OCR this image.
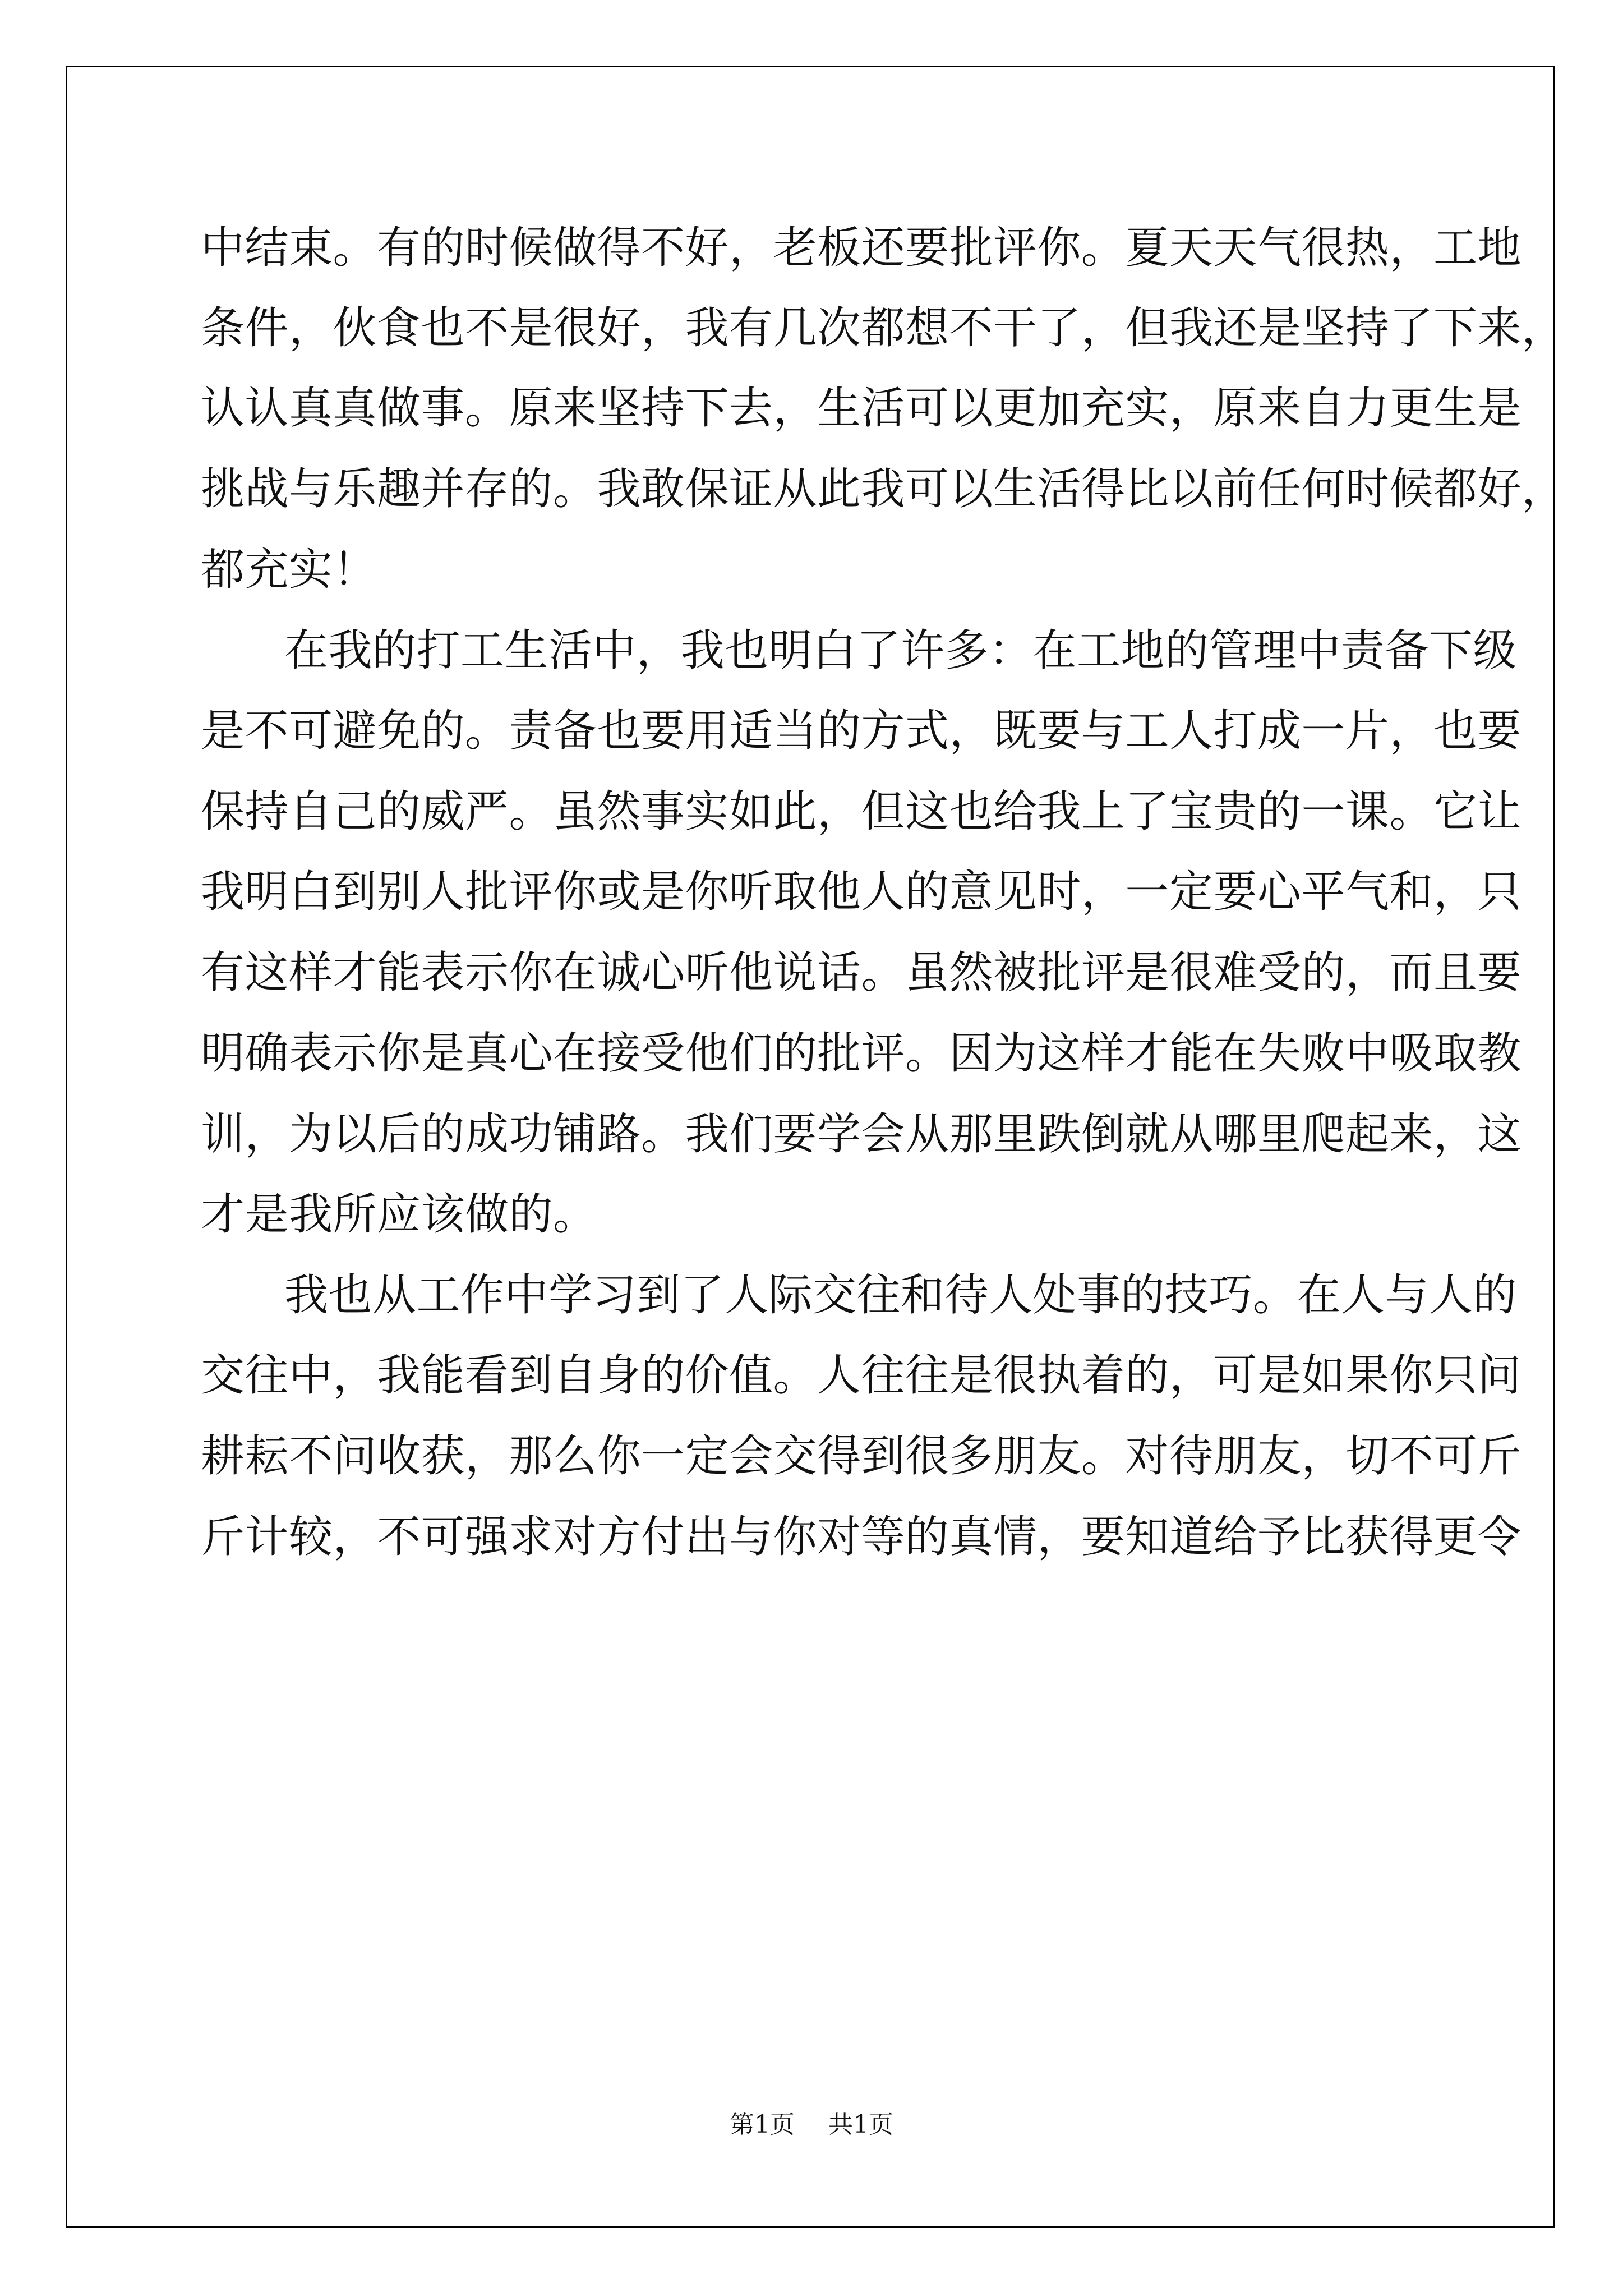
中结束。有的时候做得不好，老板还要批评你。夏天天气很热，工地
条件，伙食也不是很好，我有几次都想不干了，但我还是坚持了下来，
认认真真做事。原来坚持下去，生活可以更加充实，原来自力更生是
挑战与乐趣并存的。我敢保证从此我可以生活得比以前任何时候都好，
都充实！
在我的打工生活中，我也明白了许多：在工地的管理中责备下级
是不可避免的。责备也要用适当的方式，既要与工人打成一片，也要
保持自己的威严。虽然事实如此，但这也给我上了宝贵的一课。它让
我明白到别人批评你或是你听取他人的意见时，一定要心平气和，只
有这样才能表示你在诚心听他说话。虽然被批评是很难受的，而且要
明确表示你是真心在接受他们的批评。因为这样才能在失败中吸取教
训，为以后的成功铺路。我们要学会从那里跌倒就从哪里爬起来，这
才是我所应该做的。
我也从工作中学习到了人际交往和待人处事的技巧。在人与人的
交往中，我能看到自身的价值。人往往是很执着的，可是如果你只问
耕耘不问收获，那么你一定会交得到很多朋友。对待朋友，切不可斤
斤计较，不可强求对方付出与你对等的真情，要知道给予比获得更令
第1页 共1页
